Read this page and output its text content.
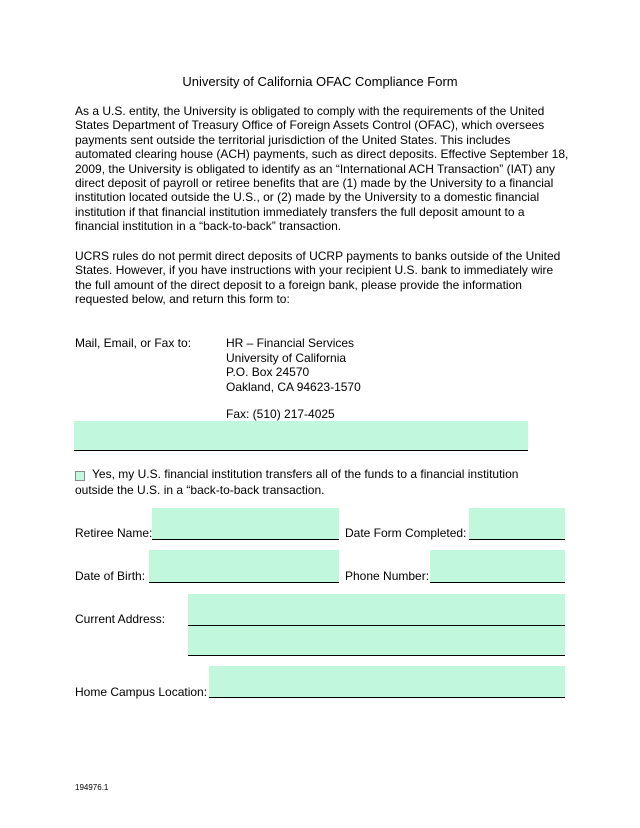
University of California OFAC Compliance Form
As a U.S. entity, the University is obligated to comply with the requirements of the United States Department of Treasury Office of Foreign Assets Control (OFAC), which oversees payments sent outside the territorial jurisdiction of the United States. This includes automated clearing house (ACH) payments, such as direct deposits. Effective September 18, 2009, the University is obligated to identify as an “International ACH Transaction” (IAT) any direct deposit of payroll or retiree benefits that are (1) made by the University to a financial institution located outside the U.S., or (2) made by the University to a domestic financial institution if that financial institution immediately transfers the full deposit amount to a financial institution in a “back-to-back” transaction.
UCRS rules do not permit direct deposits of UCRP payments to banks outside of the United States. However, if you have instructions with your recipient U.S. bank to immediately wire the full amount of the direct deposit to a foreign bank, please provide the information requested below, and return this form to:
Mail, Email, or Fax to:	HR – Financial Services
University of California
P.O. Box 24570
Oakland, CA 94623-1570
Fax: (510) 217-4025
Yes, my U.S. financial institution transfers all of the funds to a financial institution outside the U.S. in a “back-to-back transaction.
Retiree Name:	Date Form Completed:
Date of Birth:	Phone Number:
Current Address:
Home Campus Location:
194976.1
